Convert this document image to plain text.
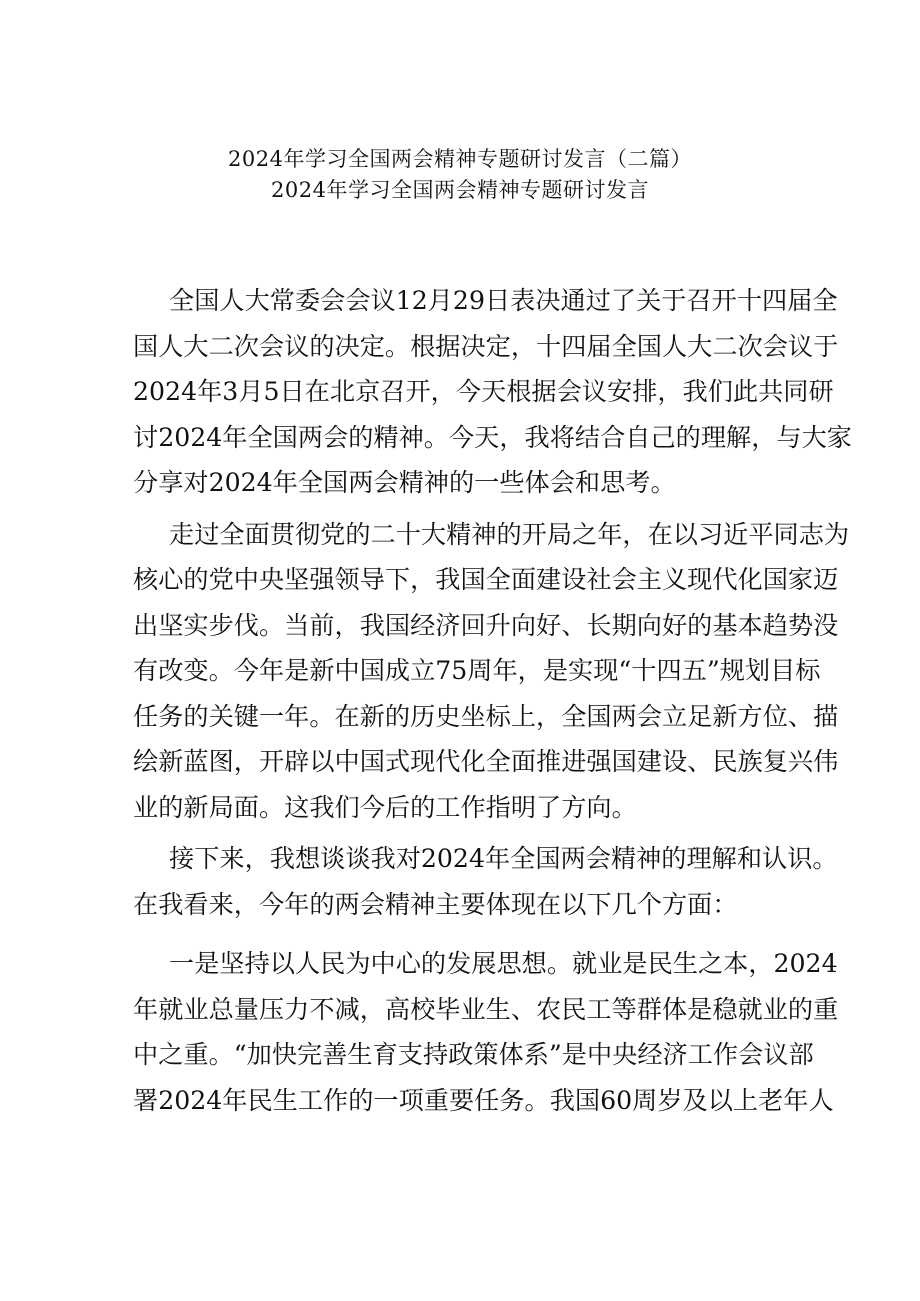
2024年学习全国两会精神专题研讨发言（二篇）
2024年学习全国两会精神专题研讨发言
全国人大常委会会议12月29日表决通过了关于召开十四届全
国人大二次会议的决定。根据决定，十四届全国人大二次会议于
2024年3月5日在北京召开，今天根据会议安排，我们此共同研
讨2024年全国两会的精神。今天，我将结合自己的理解，与大家
分享对2024年全国两会精神的一些体会和思考。
走过全面贯彻党的二十大精神的开局之年，在以习近平同志为
核心的党中央坚强领导下，我国全面建设社会主义现代化国家迈
出坚实步伐。当前，我国经济回升向好、长期向好的基本趋势没
有改变。今年是新中国成立75周年，是实现“十四五”规划目标
任务的关键一年。在新的历史坐标上，全国两会立足新方位、描
绘新蓝图，开辟以中国式现代化全面推进强国建设、民族复兴伟
业的新局面。这我们今后的工作指明了方向。
接下来，我想谈谈我对2024年全国两会精神的理解和认识。
在我看来，今年的两会精神主要体现在以下几个方面：
一是坚持以人民为中心的发展思想。就业是民生之本，2024
年就业总量压力不减，高校毕业生、农民工等群体是稳就业的重
中之重。“加快完善生育支持政策体系”是中央经济工作会议部
署2024年民生工作的一项重要任务。我国60周岁及以上老年人
